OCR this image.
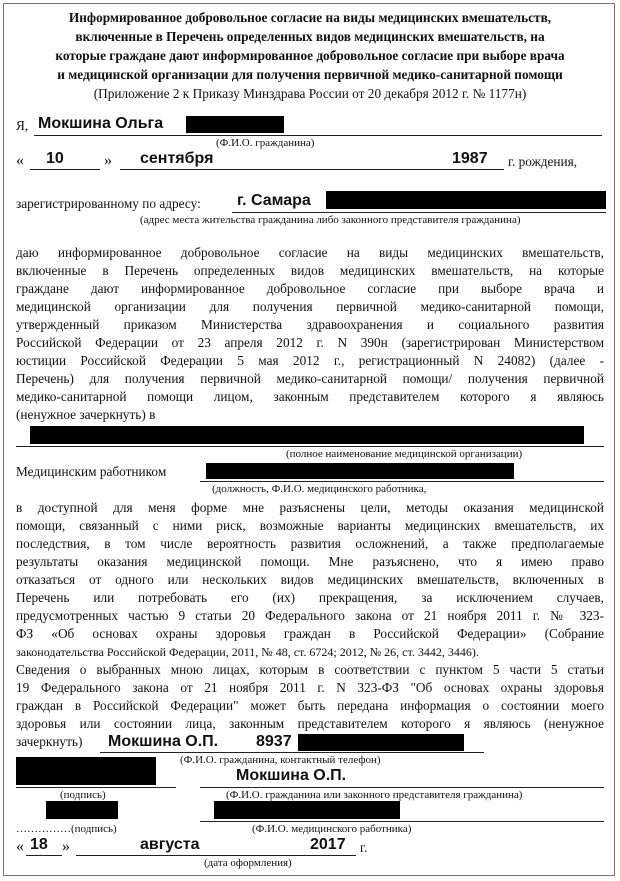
Информированное добровольное согласие на виды медицинских вмешательств,
включенные в Перечень определенных видов медицинских вмешательств, на
которые граждане дают информированное добровольное согласие при выборе врача
и медицинской организации для получения первичной медико-санитарной помощи
(Приложение 2 к Приказу Минздрава России от 20 декабря 2012 г. № 1177н)
Я, Мокшина Ольга
(Ф.И.О. гражданина)
« 10	» сентября	1987 г. рождения,
зарегистрированному по адресу: г. Самара
(адрес места жительства гражданина либо законного представителя гражданина)
даю информированное добровольное согласие на виды медицинских вмешательств,
включенные в Перечень определенных видов медицинских вмешательств, на которые
граждане дают информированное добровольное согласие при выборе врача и
медицинской организации для получения первичной медико-санитарной помощи,
утвержденный приказом Министерства здравоохранения и социального развития
Российской Федерации от 23 апреля 2012 г. N 390н (зарегистрирован Министерством
юстиции Российской Федерации 5 мая 2012 г., регистрационный N 24082) (далее -
Перечень) для получения первичной медико-санитарной помощи/ получения первичной
медико-санитарной помощи лицом, законным представителем которого я являюсь
(ненужное зачеркнуть) в
(полное наименование медицинской организации)
Медицинским работником
(должность, Ф.И.О. медицинского работника,
в доступной для меня форме мне разъяснены цели, методы оказания медицинской
помощи, связанный с ними риск, возможные варианты медицинских вмешательств, их
последствия, в том числе вероятность развития осложнений, а также предполагаемые
результаты оказания медицинской помощи. Мне разъяснено, что я имею право
отказаться от одного или нескольких видов медицинских вмешательств, включенных в
Перечень или потребовать его (их) прекращения, за исключением случаев,
предусмотренных частью 9 статьи 20 Федерального закона от 21 ноября 2011 г. № 323-
ФЗ «Об основах охраны здоровья граждан в Российской Федерации» (Собрание
законодательства Российской Федерации, 2011, № 48, ст. 6724; 2012, № 26, ст. 3442, 3446).
Сведения о выбранных мною лицах, которым в соответствии с пунктом 5 части 5 статьи
19 Федерального закона от 21 ноября 2011 г. N 323-ФЗ "Об основах охраны здоровья
граждан в Российской Федерации" может быть передана информация о состоянии моего
здоровья или состоянии лица, законным представителем которого я являюсь (ненужное
зачеркнуть)	Мокшина О.П. 8937
(Ф.И.О. гражданина, контактный телефон)
Мокшина О.П.
(подпись)	(Ф.И.О. гражданина или законного представителя гражданина)
……………(подпись)	(Ф.И.О. медицинского работника)
« 18 »	августа	2017 г.
(дата оформления)
